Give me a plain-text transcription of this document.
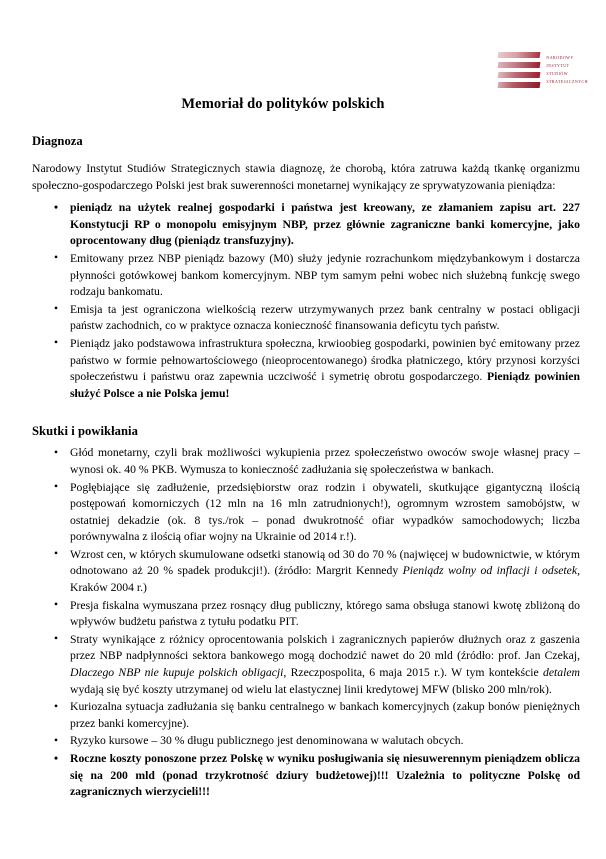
narodowy
instytut
studiów
strategicznych
Memoriał do polityków polskich
Diagnoza

Narodowy Instytut Studiów Strategicznych stawia diagnozę, że chorobą, która zatruwa każdą tkankę organizmu społeczno-gospodarczego Polski jest brak suwerenności monetarnej wynikający ze sprywatyzowania pieniądza:

• pieniądz na użytek realnej gospodarki i państwa jest kreowany, ze złamaniem zapisu art. 227 Konstytucji RP o monopolu emisyjnym NBP, przez głównie zagraniczne banki komercyjne, jako oprocentowany dług (pieniądz transfuzyjny).
• Emitowany przez NBP pieniądz bazowy (M0) służy jedynie rozrachunkom międzybankowym i dostarcza płynności gotówkowej bankom komercyjnym. NBP tym samym pełni wobec nich służebną funkcję swego rodzaju bankomatu.
• Emisja ta jest ograniczona wielkością rezerw utrzymywanych przez bank centralny w postaci obligacji państw zachodnich, co w praktyce oznacza konieczność finansowania deficytu tych państw.
• Pieniądz jako podstawowa infrastruktura społeczna, krwioobieg gospodarki, powinien być emitowany przez państwo w formie pełnowartościowego (nieoprocentowanego) środka płatniczego, który przynosi korzyści społeczeństwu i państwu oraz zapewnia uczciwość i symetrię obrotu gospodarczego. Pieniądz powinien służyć Polsce a nie Polska jemu!
Skutki i powikłania
• Głód monetarny, czyli brak możliwości wykupienia przez społeczeństwo owoców swoje własnej pracy – wynosi ok. 40 % PKB. Wymusza to konieczność zadłużania się społeczeństwa w bankach.
• Pogłębiające się zadłużenie, przedsiębiorstw oraz rodzin i obywateli, skutkujące gigantyczną ilością postępowań komorniczych (12 mln na 16 mln zatrudnionych!), ogromnym wzrostem samobójstw, w ostatniej dekadzie (ok. 8 tys./rok – ponad dwukrotność ofiar wypadków samochodowych; liczba porównywalna z ilością ofiar wojny na Ukrainie od 2014 r.!).
• Wzrost cen, w których skumulowane odsetki stanowią od 30 do 70 % (najwięcej w budownictwie, w którym odnotowano aż 20 % spadek produkcji!). (źródło: Margrit Kennedy Pieniądz wolny od inflacji i odsetek, Kraków 2004 r.)
• Presja fiskalna wymuszana przez rosnący dług publiczny, którego sama obsługa stanowi kwotę zbliżoną do wpływów budżetu państwa z tytułu podatku PIT.
• Straty wynikające z różnicy oprocentowania polskich i zagranicznych papierów dłużnych oraz z gaszenia przez NBP nadpłynności sektora bankowego mogą dochodzić nawet do 20 mld (źródło: prof. Jan Czekaj, Dlaczego NBP nie kupuje polskich obligacji, Rzeczpospolita, 6 maja 2015 r.). W tym kontekście detalem wydają się być koszty utrzymanej od wielu lat elastycznej linii kredytowej MFW (blisko 200 mln/rok).
• Kuriozalna sytuacja zadłużania się banku centralnego w bankach komercyjnych (zakup bonów pieniężnych przez banki komercyjne).
• Ryzyko kursowe – 30 % długu publicznego jest denominowana w walutach obcych.
• Roczne koszty ponoszone przez Polskę w wyniku posługiwania się niesuwerennym pieniądzem oblicza się na 200 mld (ponad trzykrotność dziury budżetowej)!!! Uzależnia to polityczne Polskę od zagranicznych wierzycieli!!!
